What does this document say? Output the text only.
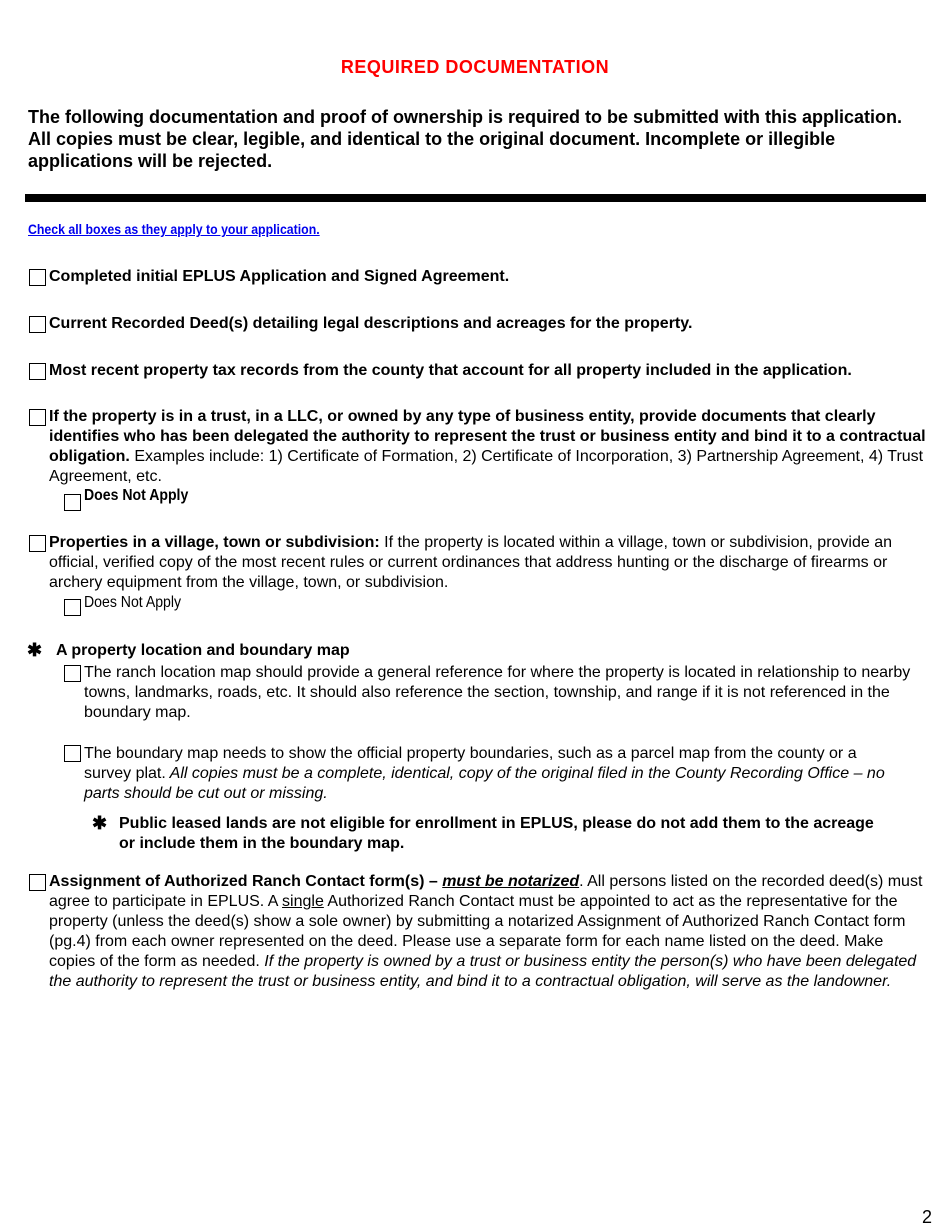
REQUIRED DOCUMENTATION
The following documentation and proof of ownership is required to be submitted with this application. All copies must be clear, legible, and identical to the original document. Incomplete or illegible applications will be rejected.
Check all boxes as they apply to your application.
Completed initial EPLUS Application and Signed Agreement.
Current Recorded Deed(s) detailing legal descriptions and acreages for the property.
Most recent property tax records from the county that account for all property included in the application.
If the property is in a trust, in a LLC, or owned by any type of business entity, provide documents that clearly identifies who has been delegated the authority to represent the trust or business entity and bind it to a contractual obligation. Examples include: 1) Certificate of Formation, 2) Certificate of Incorporation, 3) Partnership Agreement, 4) Trust Agreement, etc.
Does Not Apply
Properties in a village, town or subdivision: If the property is located within a village, town or subdivision, provide an official, verified copy of the most recent rules or current ordinances that address hunting or the discharge of firearms or archery equipment from the village, town, or subdivision.
Does Not Apply
✱ A property location and boundary map
The ranch location map should provide a general reference for where the property is located in relationship to nearby towns, landmarks, roads, etc. It should also reference the section, township, and range if it is not referenced in the boundary map.
The boundary map needs to show the official property boundaries, such as a parcel map from the county or a survey plat. All copies must be a complete, identical, copy of the original filed in the County Recording Office – no parts should be cut out or missing.
✱ Public leased lands are not eligible for enrollment in EPLUS, please do not add them to the acreage or include them in the boundary map.
Assignment of Authorized Ranch Contact form(s) – must be notarized. All persons listed on the recorded deed(s) must agree to participate in EPLUS. A single Authorized Ranch Contact must be appointed to act as the representative for the property (unless the deed(s) show a sole owner) by submitting a notarized Assignment of Authorized Ranch Contact form (pg.4) from each owner represented on the deed. Please use a separate form for each name listed on the deed. Make copies of the form as needed. If the property is owned by a trust or business entity the person(s) who have been delegated the authority to represent the trust or business entity, and bind it to a contractual obligation, will serve as the landowner.
2
